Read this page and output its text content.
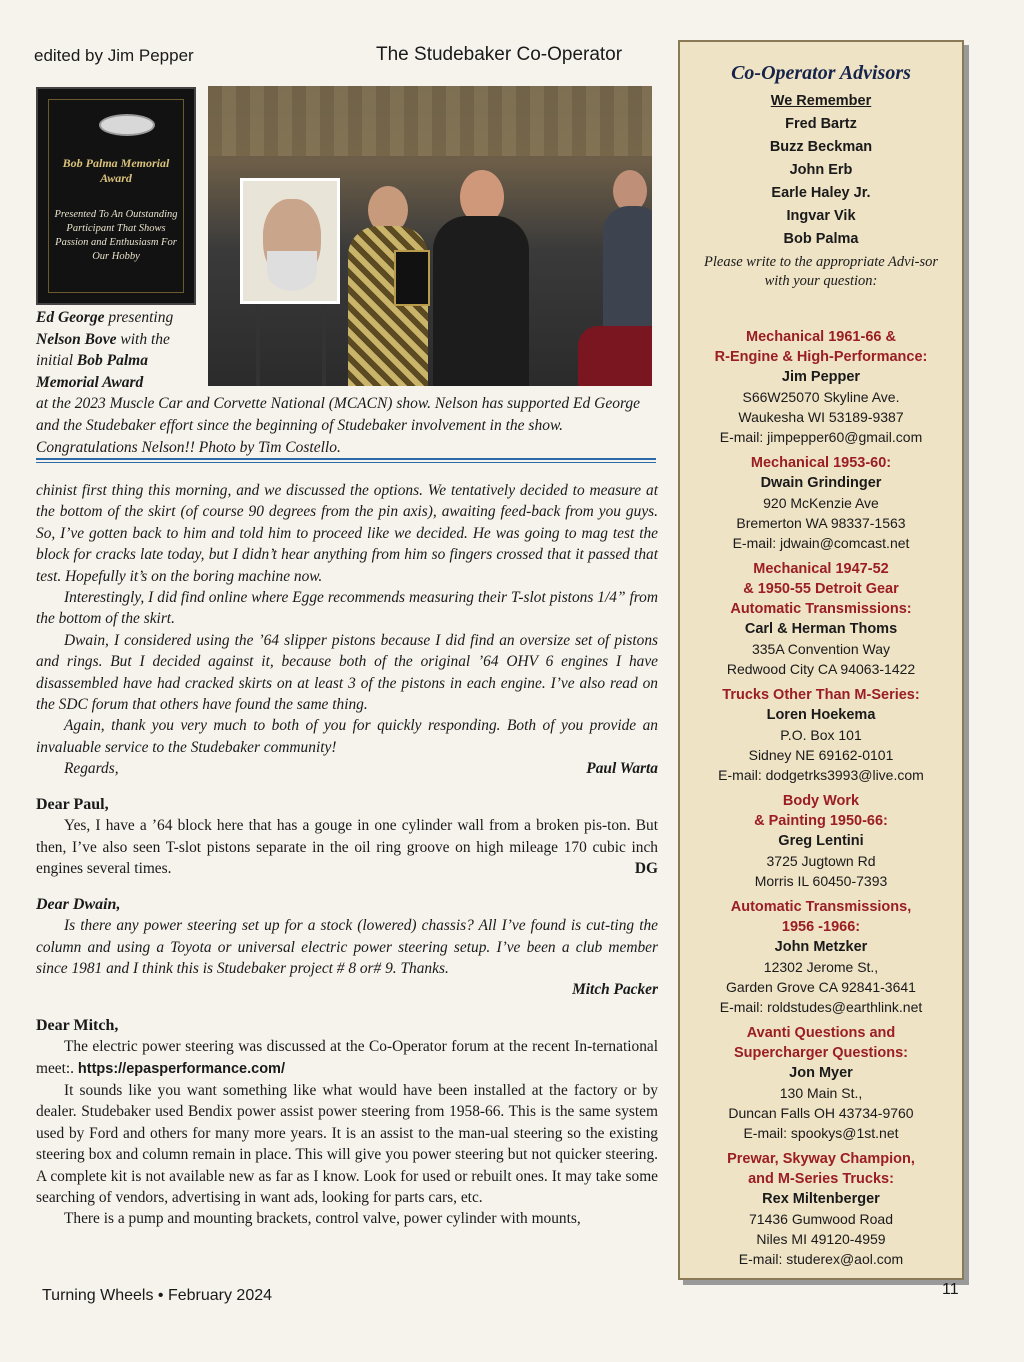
edited by Jim Pepper	The Studebaker Co-Operator
Bob Palma Memorial Award
Presented To An Outstanding Participant That Shows Passion and Enthusiasm For Our Hobby
Ed George presenting Nelson Bove with the initial Bob Palma Memorial Award
at the 2023 Muscle Car and Corvette National (MCACN) show. Nelson has supported Ed George and the Studebaker effort since the beginning of Studebaker involvement in the show. Congratulations Nelson!! Photo by Tim Costello.

chinist first thing this morning, and we discussed the options. We tentatively decided to measure at the bottom of the skirt (of course 90 degrees from the pin axis), awaiting feed-back from you guys. So, I’ve gotten back to him and told him to proceed like we decided. He was going to mag test the block for cracks late today, but I didn’t hear anything from him so fingers crossed that it passed that test. Hopefully it’s on the boring machine now.

Interestingly, I did find online where Egge recommends measuring their T-slot pistons 1/4” from the bottom of the skirt.

Dwain, I considered using the ’64 slipper pistons because I did find an oversize set of pistons and rings. But I decided against it, because both of the original ’64 OHV 6 engines I have disassembled have had cracked skirts on at least 3 of the pistons in each engine. I’ve also read on the SDC forum that others have found the same thing.

Again, thank you very much to both of you for quickly responding. Both of you provide an invaluable service to the Studebaker community!

Regards,	Paul Warta
Dear Paul,

Yes, I have a ’64 block here that has a gouge in one cylinder wall from a broken pis-ton. But then, I’ve also seen T-slot pistons separate in the oil ring groove on high mileage 170 cubic inch engines several times.	DG
Dear Dwain,

Is there any power steering set up for a stock (lowered) chassis? All I’ve found is cut-ting the column and using a Toyota or universal electric power steering setup. I’ve been a club member since 1981 and I think this is Studebaker project # 8 or# 9. Thanks.

Mitch Packer
Dear Mitch,

The electric power steering was discussed at the Co-Operator forum at the recent In-ternational meet:. https://epasperformance.com/

It sounds like you want something like what would have been installed at the factory or by dealer. Studebaker used Bendix power assist power steering from 1958-66. This is the same system used by Ford and others for many more years. It is an assist to the man-ual steering so the existing steering box and column remain in place. This will give you power steering but not quicker steering. A complete kit is not available new as far as I know. Look for used or rebuilt ones. It may take some searching of vendors, advertising in want ads, looking for parts cars, etc.

There is a pump and mounting brackets, control valve, power cylinder with mounts,

Co-Operator Advisors
We Remember
Fred Bartz
Buzz Beckman
John Erb
Earle Haley Jr.
Ingvar Vik
Bob Palma
Please write to the appropriate Advi-sor with your question:
Mechanical 1961-66 &
R-Engine & High-Performance:
Jim Pepper
S66W25070 Skyline Ave.
Waukesha WI 53189-9387
E-mail: jimpepper60@gmail.com
Mechanical 1953-60:
Dwain Grindinger
920 McKenzie Ave
Bremerton WA 98337-1563
E-mail: jdwain@comcast.net
Mechanical 1947-52
& 1950-55 Detroit Gear
Automatic Transmissions:
Carl & Herman Thoms
335A Convention Way
Redwood City CA 94063-1422
Trucks Other Than M-Series:
Loren Hoekema
P.O. Box 101
Sidney NE 69162-0101
E-mail: dodgetrks3993@live.com
Body Work
& Painting 1950-66:
Greg Lentini
3725 Jugtown Rd
Morris IL 60450-7393
Automatic Transmissions,
1956 -1966:
John Metzker
12302 Jerome St.,
Garden Grove CA 92841-3641
E-mail: roldstudes@earthlink.net
Avanti Questions and
Supercharger Questions:
Jon Myer
130 Main St.,
Duncan Falls OH 43734-9760
E-mail: spookys@1st.net
Prewar, Skyway Champion,
and M-Series Trucks:
Rex Miltenberger
71436 Gumwood Road
Niles MI 49120-4959
E-mail: studerex@aol.com
Turning Wheels • February 2024	11
